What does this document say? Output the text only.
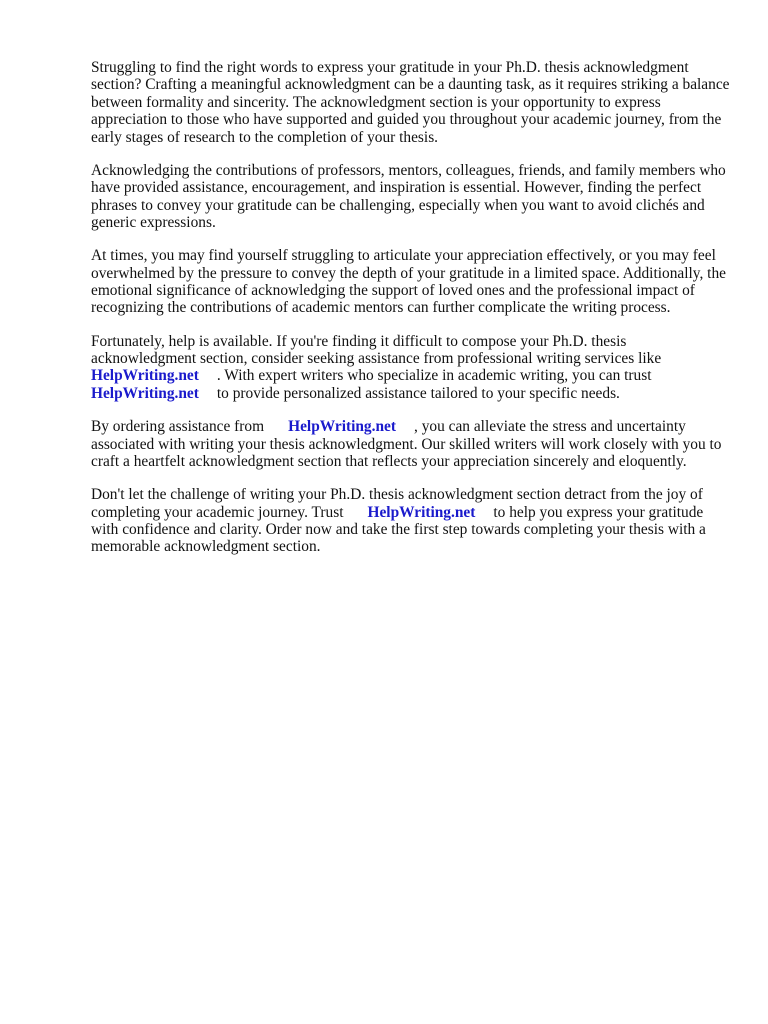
Struggling to find the right words to express your gratitude in your Ph.D. thesis acknowledgment section? Crafting a meaningful acknowledgment can be a daunting task, as it requires striking a balance between formality and sincerity. The acknowledgment section is your opportunity to express appreciation to those who have supported and guided you throughout your academic journey, from the early stages of research to the completion of your thesis.

Acknowledging the contributions of professors, mentors, colleagues, friends, and family members who have provided assistance, encouragement, and inspiration is essential. However, finding the perfect phrases to convey your gratitude can be challenging, especially when you want to avoid clichés and generic expressions.

At times, you may find yourself struggling to articulate your appreciation effectively, or you may feel overwhelmed by the pressure to convey the depth of your gratitude in a limited space. Additionally, the emotional significance of acknowledging the support of loved ones and the professional impact of recognizing the contributions of academic mentors can further complicate the writing process.

Fortunately, help is available. If you're finding it difficult to compose your Ph.D. thesis acknowledgment section, consider seeking assistance from professional writing services like
HelpWriting.net . With expert writers who specialize in academic writing, you can trust
HelpWriting.net to provide personalized assistance tailored to your specific needs.

By ordering assistance from HelpWriting.net , you can alleviate the stress and uncertainty associated with writing your thesis acknowledgment. Our skilled writers will work closely with you to craft a heartfelt acknowledgment section that reflects your appreciation sincerely and eloquently.

Don't let the challenge of writing your Ph.D. thesis acknowledgment section detract from the joy of completing your academic journey. Trust HelpWriting.net to help you express your gratitude with confidence and clarity. Order now and take the first step towards completing your thesis with a memorable acknowledgment section.
